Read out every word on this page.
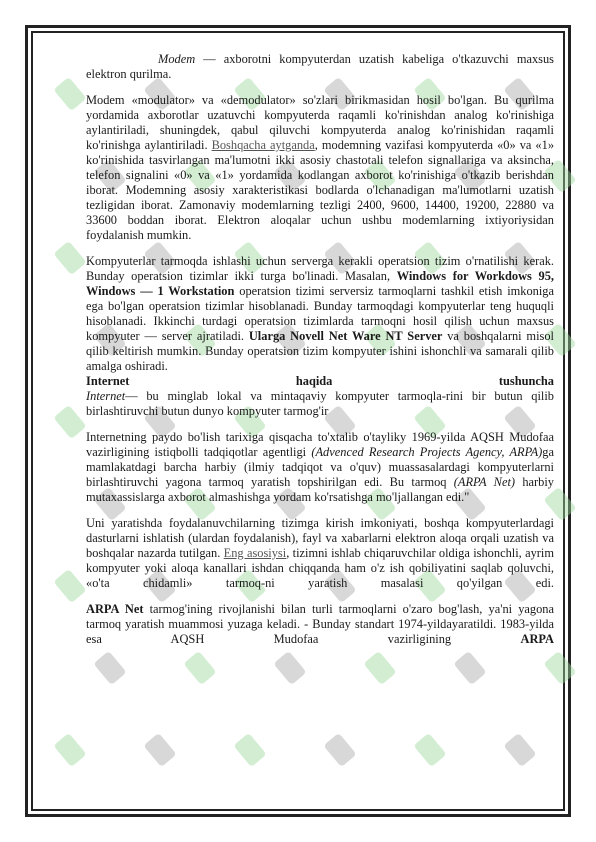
Modem — axborotni kompyuterdan uzatish kabeliga o'tkazuvchi maxsus elektron qurilma.

Modem «modulator» va «demodulator» so'zlari birikmasidan hosil bo'lgan. Bu qurilma yordamida axborotlar uzatuvchi kompyuterda raqamli ko'rinishdan analog ko'rinishiga aylantiriladi, shuningdek, qabul qiluvchi kompyuterda analog ko'rinishidan raqamli ko'rinishga aylantiriladi. Boshqacha aytganda, modemning vazifasi kompyuterda «0» va «1» ko'rinishida tasvirlangan ma'lumotni ikki asosiy chastotali telefon signallariga va aksincha, telefon signalini «0» va «1» yordamida kodlangan axborot ko'rinishiga o'tkazib berishdan iborat. Modemning asosiy xarakteristikasi bodlarda o'lchanadigan ma'lumotlarni uzatish tezligidan iborat. Zamonaviy modemlarning tezligi 2400, 9600, 14400, 19200, 22880 va 33600 boddan iborat. Elektron aloqalar uchun ushbu modemlarning ixtiyoriysidan foydalanish mumkin.

Kompyuterlar tarmoqda ishlashi uchun serverga kerakli operatsion tizim o'rnatilishi kerak. Bunday operatsion tizimlar ikki turga bo'linadi. Masalan, Windows for Workdows 95, Windows — 1 Workstation operatsion tizimi serversiz tarmoqlarni tashkil etish imkoniga ega bo'lgan operatsion tizimlar hisoblanadi. Bunday tarmoqdagi kompyuterlar teng huquqli hisoblanadi. Ikkinchi turdagi operatsion tizimlarda tarmoqni hosil qilish uchun maxsus kompyuter — server ajratiladi. Ularga Novell Net Ware NT Server va boshqalarni misol qilib keltirish mumkin. Bunday operatsion tizim kompyuter ishini ishonchli va samarali qilib amalga oshiradi.

Internet	haqida	tushuncha

Internet— bu minglab lokal va mintaqaviy kompyuter tarmoqla-rini bir butun qilib birlashtiruvchi butun dunyo kompyuter tarmog'ir

Internetning paydo bo'lish tarixiga qisqacha to'xtalib o'tayliky 1969-yilda AQSH Mudofaa vazirligining istiqbolli tadqiqotlar agentligi (Advenced Research Projects Agency, ARPA)ga mamlakatdagi barcha harbiy (ilmiy tadqiqot va o'quv) muassasalardagi kompyuterlarni birlashtiruvchi yagona tarmoq yaratish topshirilgan edi. Bu tarmoq (ARPA Net) harbiy mutaxassislarga axborot almashishga yordam ko'rsatishga mo'ljallangan edi."

Uni yaratishda foydalanuvchilarning tizimga kirish imkoniyati, boshqa kompyuterlardagi dasturlarni ishlatish (ulardan foydalanish), fayl va xabarlarni elektron aloqa orqali uzatish va boshqalar nazarda tutilgan. Eng asosiysi, tizimni ishlab chiqaruvchilar oldiga ishonchli, ayrim kompyuter yoki aloqa kanallari ishdan chiqqanda ham o'z ish qobiliyatini saqlab qoluvchi, «o'ta chidamli» tarmoq-ni yaratish masalasi qo'yilgan edi.

ARPA Net tarmog'ining rivojlanishi bilan turli tarmoqlarni o'zaro bog'lash, ya'ni yagona tarmoq yaratish muammosi yuzaga keladi. - Bunday standart 1974-yildayaratildi. 1983-yilda esa AQSH Mudofaa vazirligining ARPA
